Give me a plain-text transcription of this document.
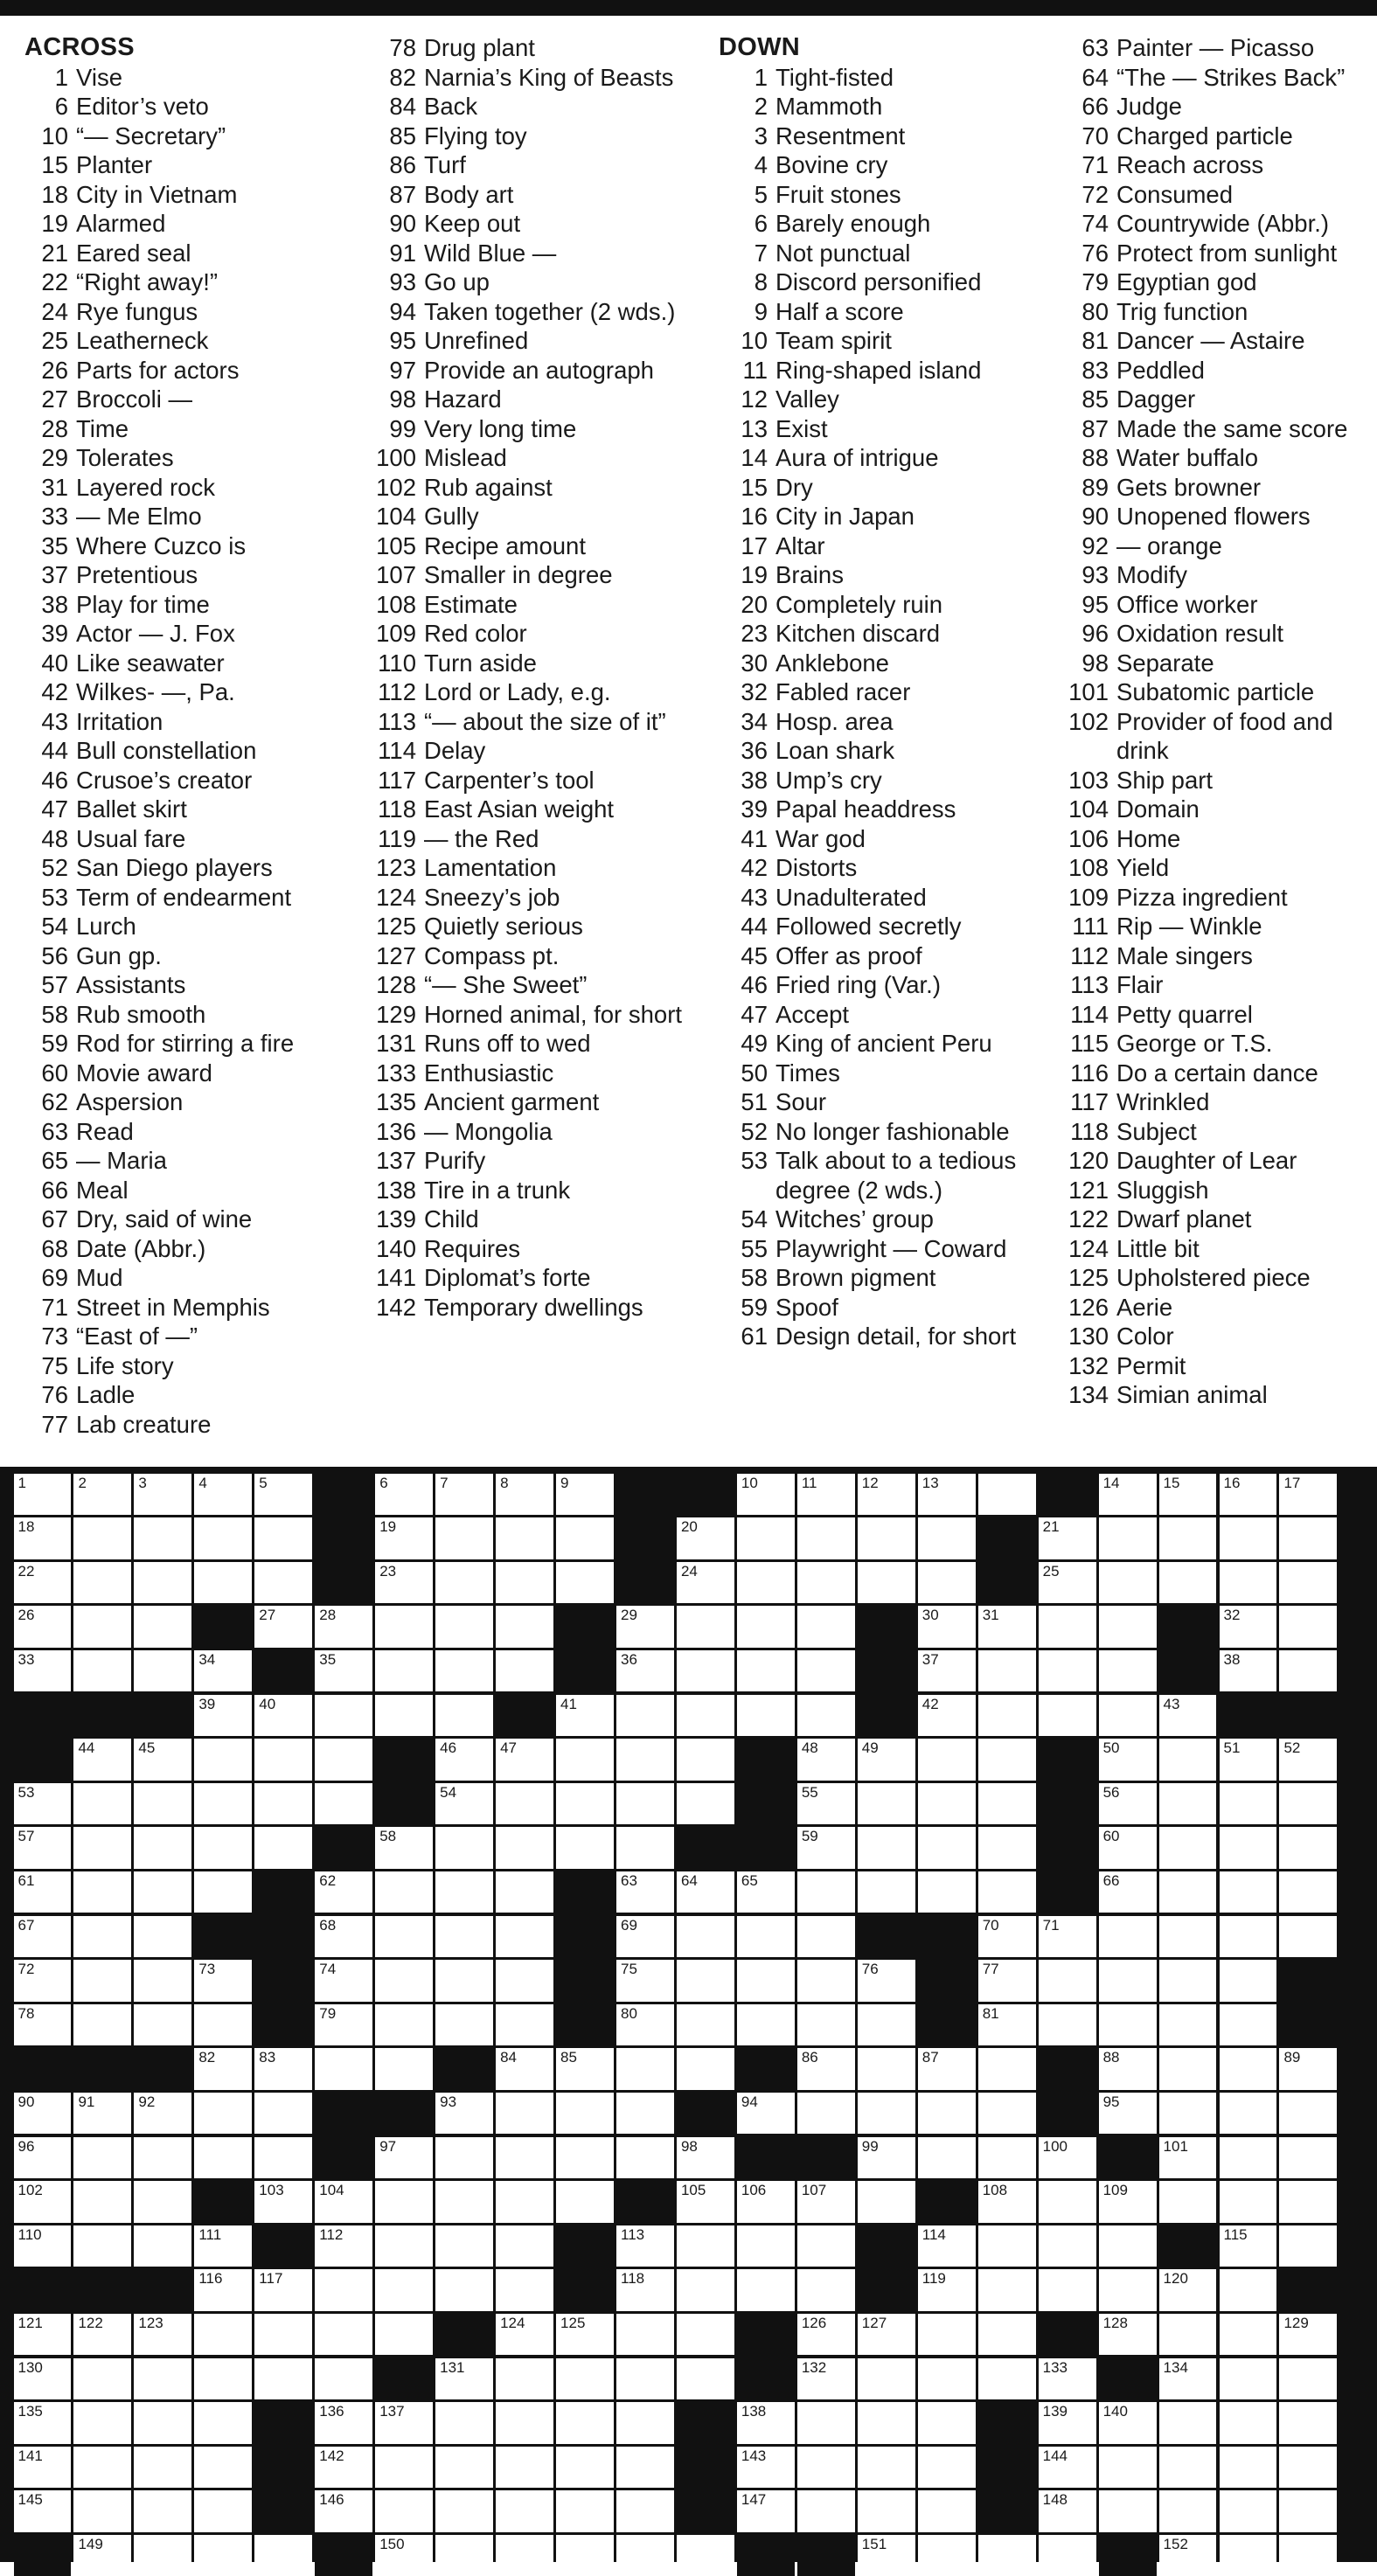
ACROSS
1 Vise
6 Editor’s veto
10 “— Secretary”
15 Planter
18 City in Vietnam
19 Alarmed
21 Eared seal
22 “Right away!”
24 Rye fungus
25 Leatherneck
26 Parts for actors
27 Broccoli —
28 Time
29 Tolerates
31 Layered rock
33 — Me Elmo
35 Where Cuzco is
37 Pretentious
38 Play for time
39 Actor — J. Fox
40 Like seawater
42 Wilkes- —, Pa.
43 Irritation
44 Bull constellation
46 Crusoe’s creator
47 Ballet skirt
48 Usual fare
52 San Diego players
53 Term of endearment
54 Lurch
56 Gun gp.
57 Assistants
58 Rub smooth
59 Rod for stirring a fire
60 Movie award
62 Aspersion
63 Read
65 — Maria
66 Meal
67 Dry, said of wine
68 Date (Abbr.)
69 Mud
71 Street in Memphis
73 “East of —”
75 Life story
76 Ladle
77 Lab creature
78 Drug plant
82 Narnia’s King of Beasts
84 Back
85 Flying toy
86 Turf
87 Body art
90 Keep out
91 Wild Blue —
93 Go up
94 Taken together (2 wds.)
95 Unrefined
97 Provide an autograph
98 Hazard
99 Very long time
100 Mislead
102 Rub against
104 Gully
105 Recipe amount
107 Smaller in degree
108 Estimate
109 Red color
110 Turn aside
112 Lord or Lady, e.g.
113 “— about the size of it”
114 Delay
117 Carpenter’s tool
118 East Asian weight
119 — the Red
123 Lamentation
124 Sneezy’s job
125 Quietly serious
127 Compass pt.
128 “— She Sweet”
129 Horned animal, for short
131 Runs off to wed
133 Enthusiastic
135 Ancient garment
136 — Mongolia
137 Purify
138 Tire in a trunk
139 Child
140 Requires
141 Diplomat’s forte
142 Temporary dwellings
DOWN
1 Tight-fisted
2 Mammoth
3 Resentment
4 Bovine cry
5 Fruit stones
6 Barely enough
7 Not punctual
8 Discord personified
9 Half a score
10 Team spirit
11 Ring-shaped island
12 Valley
13 Exist
14 Aura of intrigue
15 Dry
16 City in Japan
17 Altar
19 Brains
20 Completely ruin
23 Kitchen discard
30 Anklebone
32 Fabled racer
34 Hosp. area
36 Loan shark
38 Ump’s cry
39 Papal headdress
41 War god
42 Distorts
43 Unadulterated
44 Followed secretly
45 Offer as proof
46 Fried ring (Var.)
47 Accept
49 King of ancient Peru
50 Times
51 Sour
52 No longer fashionable
53 Talk about to a tedious degree (2 wds.)
54 Witches’ group
55 Playwright — Coward
58 Brown pigment
59 Spoof
61 Design detail, for short
63 Painter — Picasso
64 “The — Strikes Back”
66 Judge
70 Charged particle
71 Reach across
72 Consumed
74 Countrywide (Abbr.)
76 Protect from sunlight
79 Egyptian god
80 Trig function
81 Dancer — Astaire
83 Peddled
85 Dagger
87 Made the same score
88 Water buffalo
89 Gets browner
90 Unopened flowers
92 — orange
93 Modify
95 Office worker
96 Oxidation result
98 Separate
101 Subatomic particle
102 Provider of food and drink
103 Ship part
104 Domain
106 Home
108 Yield
109 Pizza ingredient
111 Rip — Winkle
112 Male singers
113 Flair
114 Petty quarrel
115 George or T.S.
116 Do a certain dance
117 Wrinkled
118 Subject
120 Daughter of Lear
121 Sluggish
122 Dwarf planet
124 Little bit
125 Upholstered piece
126 Aerie
130 Color
132 Permit
134 Simian animal
1	2	3	4	5	6	7	8	9	10	11	12	13	14	15	16	17
18	19	20	21
22	23	24	25
26	27	28	29	30	31	32
33	34	35	36	37	38
39	40	41	42	43
44	45	46	47	48	49	50	51	52
53	54	55	56
57	58	59	60
61	62	63	64	65	66
67	68	69	70	71
72	73	74	75	76	77
78	79	80	81
82	83	84	85	86	87	88	89
90	91	92	93	94	95
96	97	98	99	100	101
102	103 104	105 106 107	108	109
110	111	112	113	114	115
116 117	118	119	120
121 122 123	124 125	126 127	128	129
130	131	132	133	134
135	136 137	138	139 140
141	142	143	144
145	146	147	148
149	150	151	152
